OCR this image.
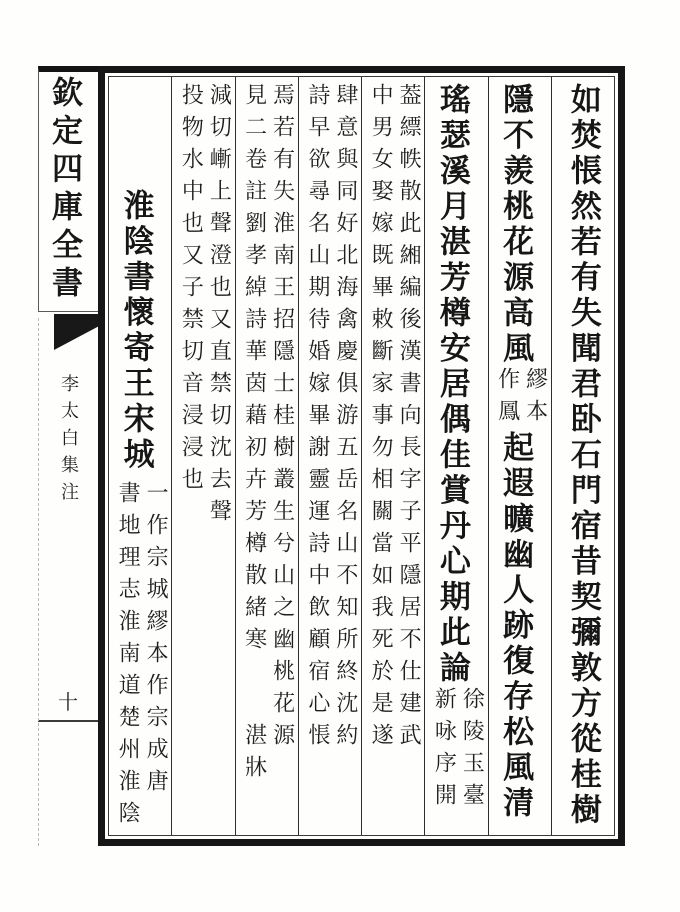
欽定四庫全書
李太白集注
十	如焚悵然若有失聞君卧石門宿昔契彌敦方從桂樹
隱不羨桃花源高風繆本作鳳起遐曠幽人跡復存松風清
瑤瑟溪月湛芳樽安居偶佳賞丹心期此論徐陵玉臺新咏序開
葢縹帙散此緗編後漢書向長字子平隱居不仕建武中男女娶嫁既畢敕斷家事勿相關當如我死於是遂
肆意與同好北海禽慶俱游五岳名山不知所終沈約詩早欲尋名山期待婚嫁畢謝靈運詩中飲顧宿心悵
焉若有失淮南王招隱士桂樹叢生兮山之幽桃花源見二卷註劉孝綽詩華茵藉初卉芳樽散緒寒　　湛牀
減切嶃上聲澄也又直禁切沈去聲投物水中也又子禁切音浸浸也
淮陰書懷寄王宋城一作宗城繆本作宗成唐書地理志淮南道楚州淮陰
